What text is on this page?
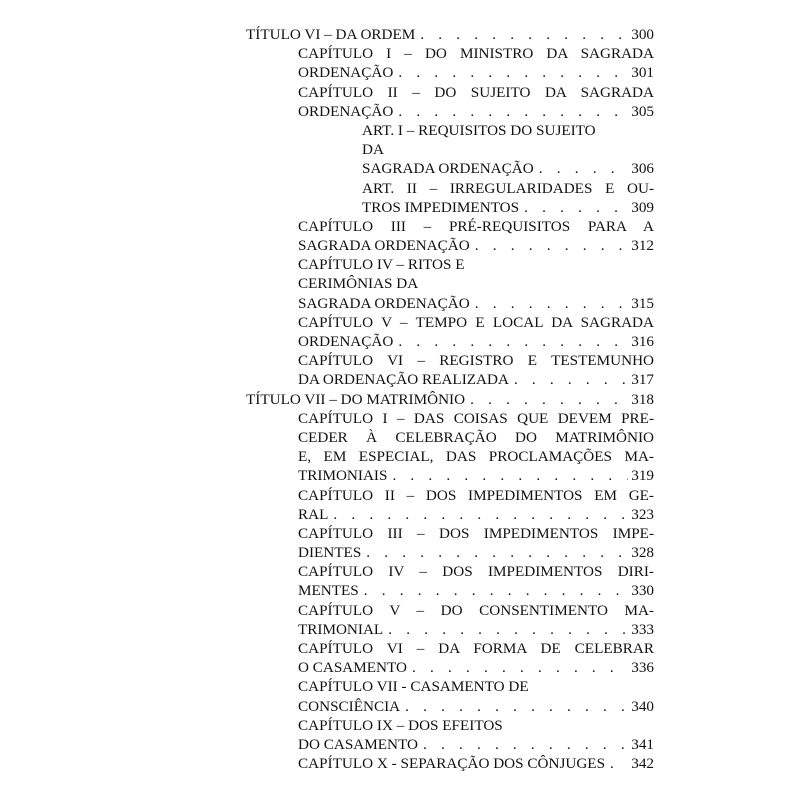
TÍTULO VI – DA ORDEM . . .	300
CAPÍTULO I – DO MINISTRO DA SAGRADA
ORDENAÇÃO . . .	301
CAPÍTULO II – DO SUJEITO DA SAGRADA
ORDENAÇÃO . . .	305
ART. I – REQUISITOS DO SUJEITO
DA
SAGRADA ORDENAÇÃO . . .	306
ART. II – IRREGULARIDADES E OU-
TROS IMPEDIMENTOS . . .	309
CAPÍTULO III – PRÉ-REQUISITOS PARA A
SAGRADA ORDENAÇÃO . . .	312
CAPÍTULO IV – RITOS E
CERIMÔNIAS DA
SAGRADA ORDENAÇÃO . . .	315
CAPÍTULO V – TEMPO E LOCAL DA SAGRADA
ORDENAÇÃO . . .	316
CAPÍTULO VI – REGISTRO E TESTEMUNHO
DA ORDENAÇÃO REALIZADA . . .	317
TÍTULO VII – DO MATRIMÔNIO . . .	318
CAPÍTULO I – DAS COISAS QUE DEVEM PRE-
CEDER À CELEBRAÇÃO DO MATRIMÔNIO
E, EM ESPECIAL, DAS PROCLAMAÇÕES MA-
TRIMONIAIS . . .	319
CAPÍTULO II – DOS IMPEDIMENTOS EM GE-
RAL . . .	323
CAPÍTULO III – DOS IMPEDIMENTOS IMPE-
DIENTES . . .	328
CAPÍTULO IV – DOS IMPEDIMENTOS DIRI-
MENTES . . .	330
CAPÍTULO V – DO CONSENTIMENTO MA-
TRIMONIAL . . .	333
CAPÍTULO VI – DA FORMA DE CELEBRAR
O CASAMENTO . . .	336
CAPÍTULO VII - CASAMENTO DE
CONSCIÊNCIA . . .	340
CAPÍTULO IX – DOS EFEITOS
DO CASAMENTO . . .	341
CAPÍTULO X - SEPARAÇÃO DOS CÔNJUGES . . . 342
